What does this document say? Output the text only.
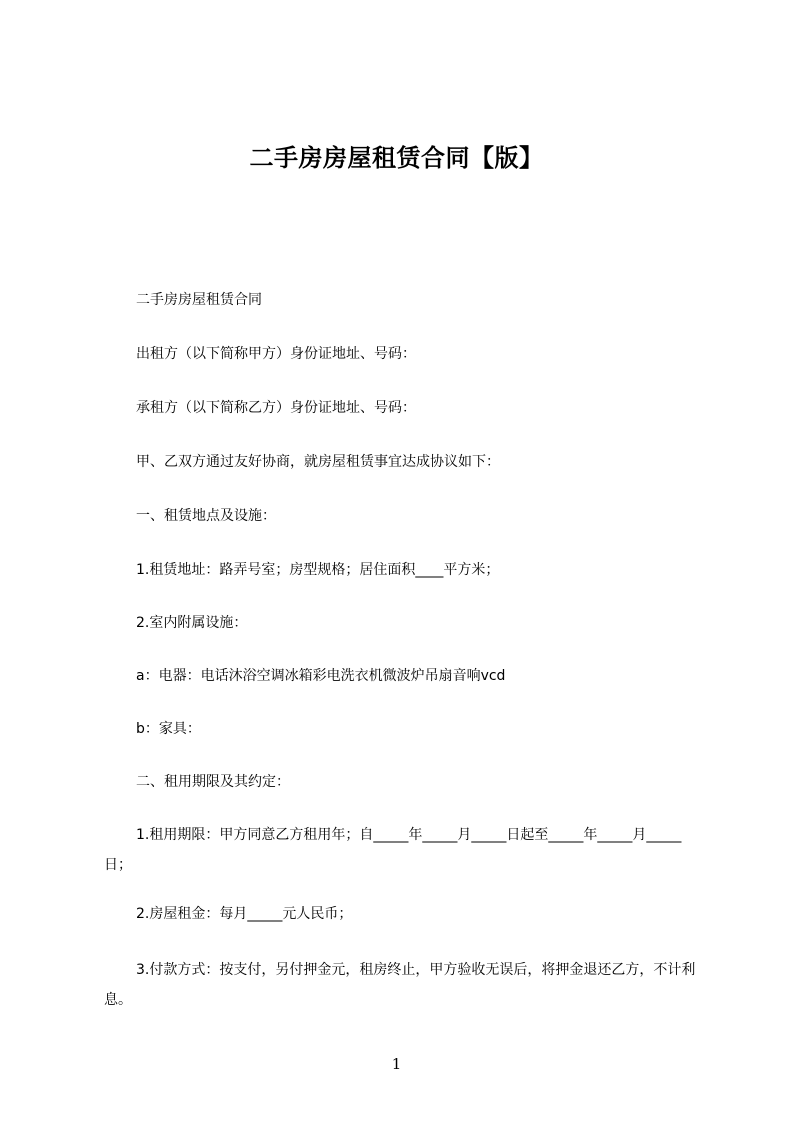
二手房房屋租赁合同【版】
二手房房屋租赁合同
出租方（以下简称甲方）身份证地址、号码：
承租方（以下简称乙方）身份证地址、号码：
甲、乙双方通过友好协商，就房屋租赁事宜达成协议如下：
一、租赁地点及设施：
1.租赁地址：路弄号室；房型规格；居住面积____平方米；
2.室内附属设施：
a：电器：电话沐浴空调冰箱彩电洗衣机微波炉吊扇音响vcd
b：家具：
二、租用期限及其约定：
1.租用期限：甲方同意乙方租用年；自_____年_____月_____日起至_____年_____月_____日；
2.房屋租金：每月_____元人民币；
3.付款方式：按支付，另付押金元，租房终止，甲方验收无误后，将押金退还乙方，不计利息。
1
